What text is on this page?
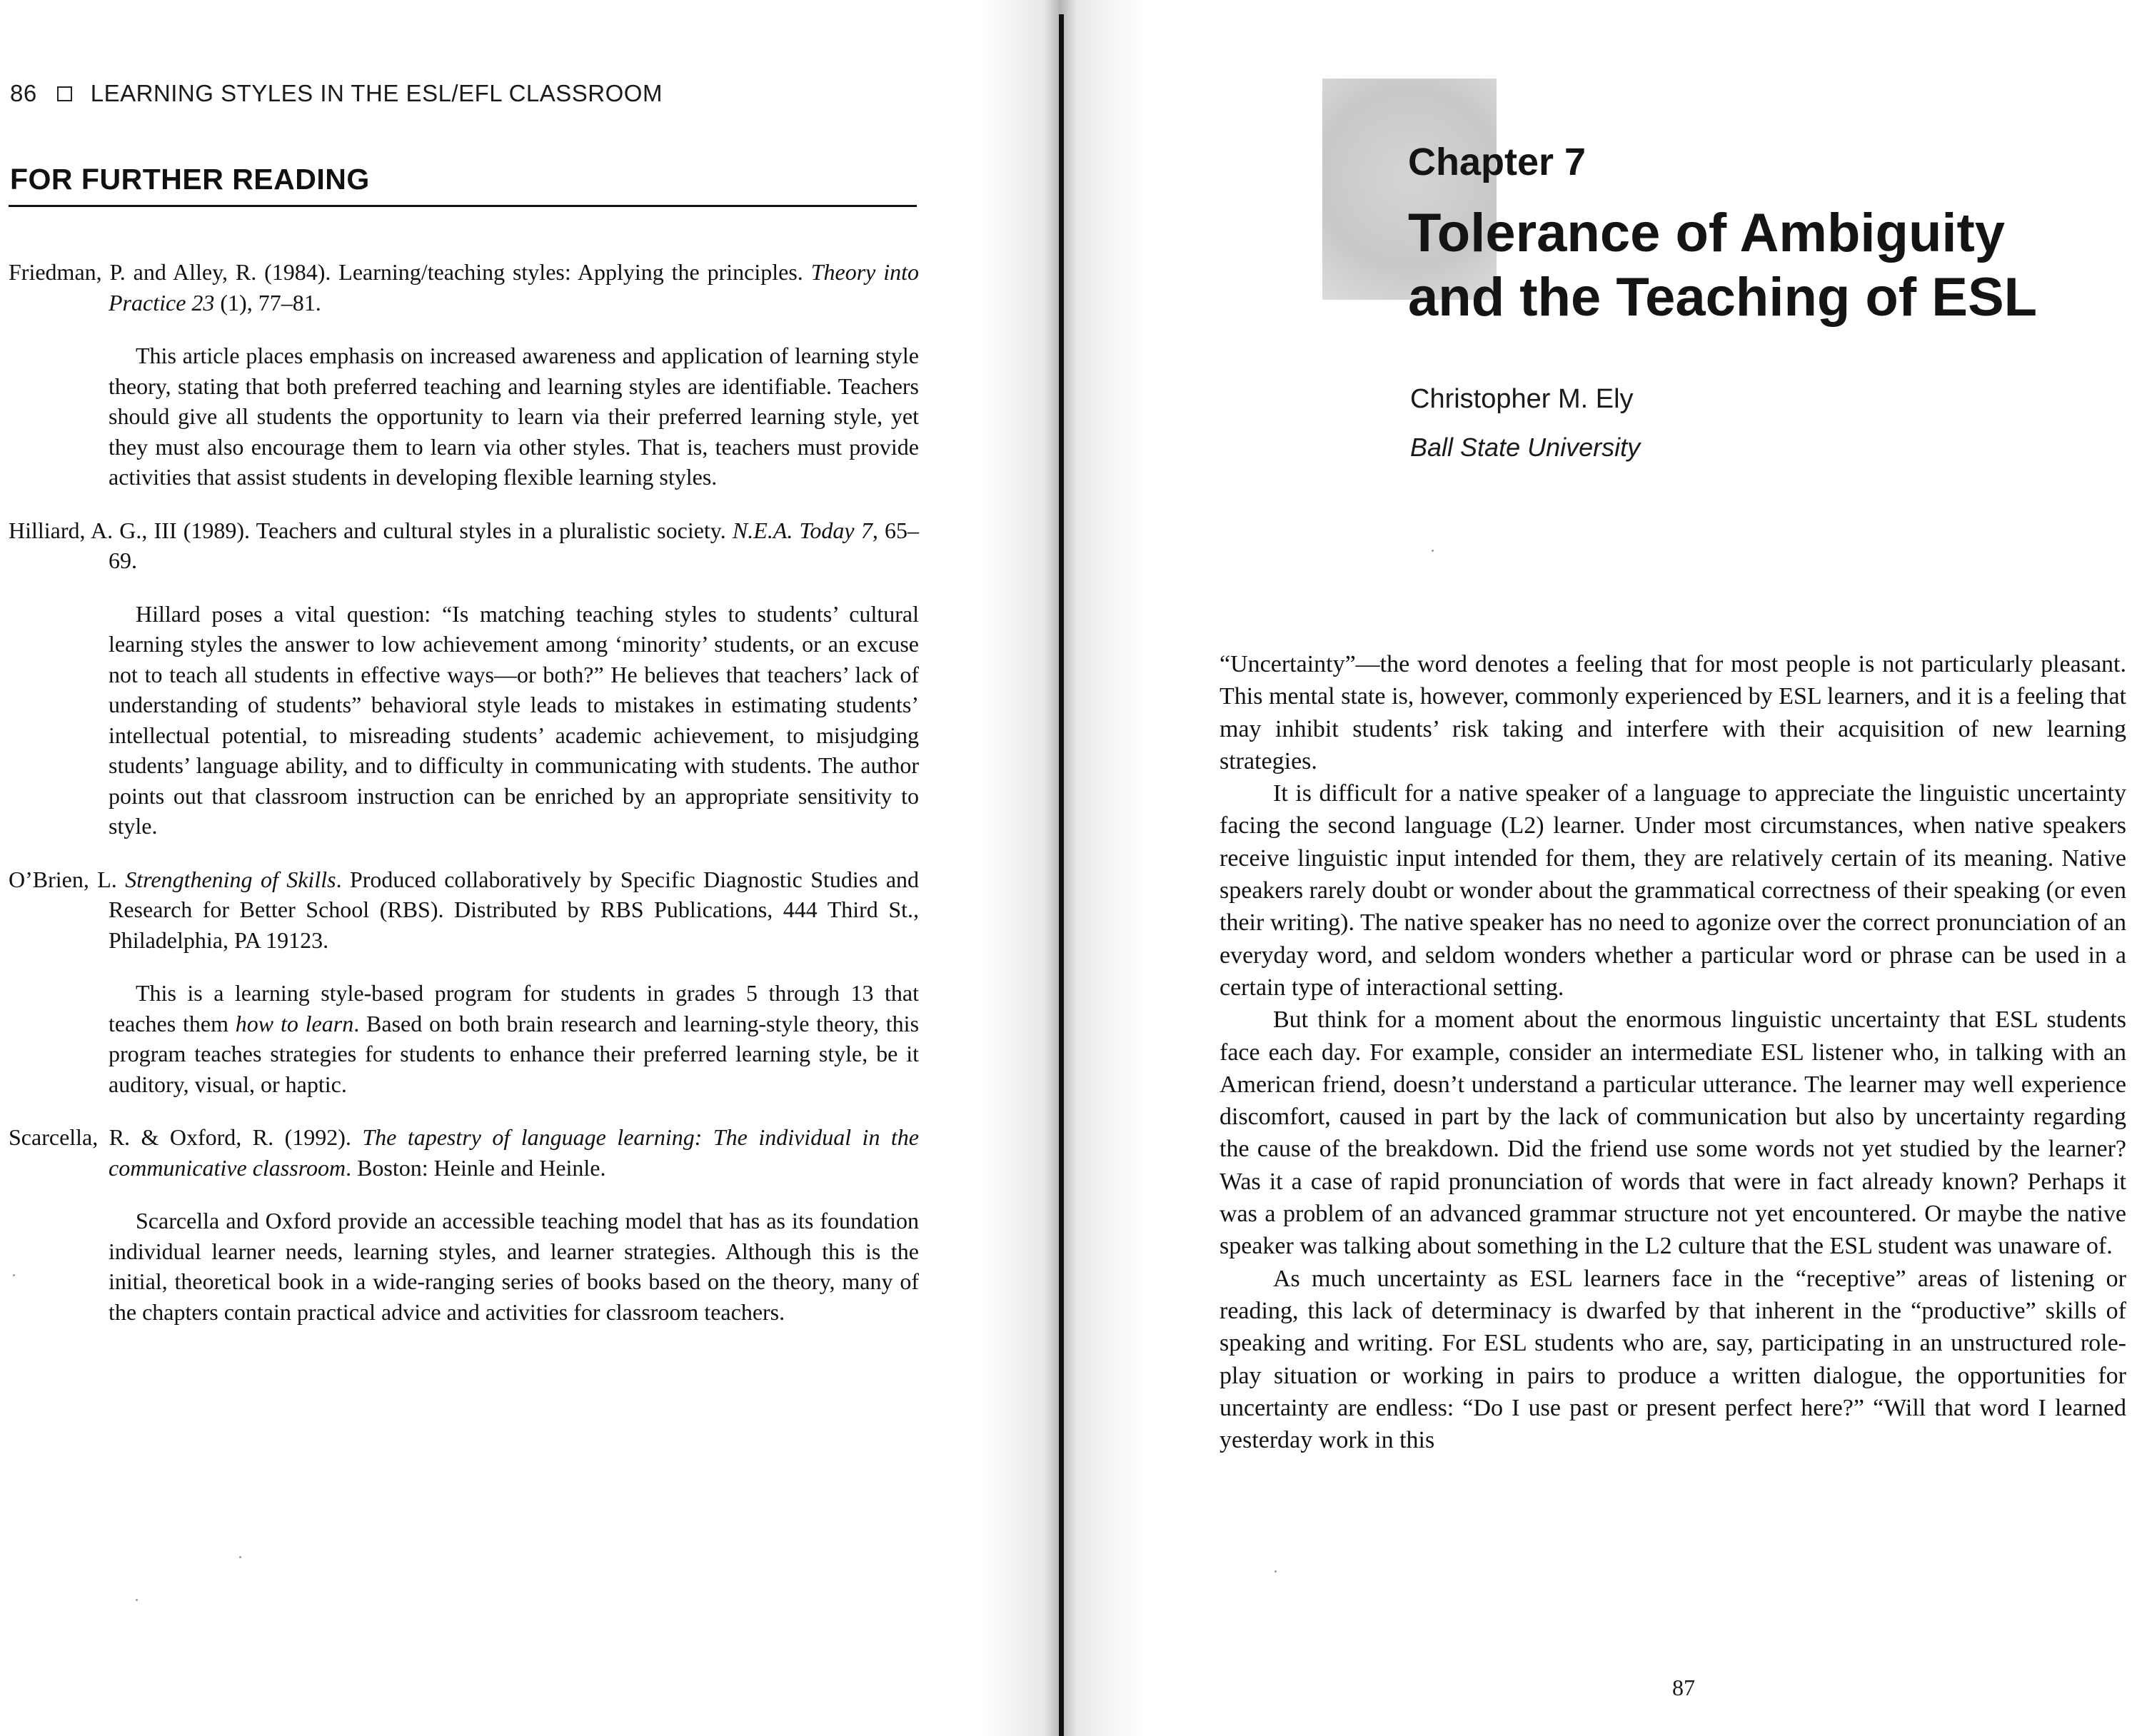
86 LEARNING STYLES IN THE ESL/EFL CLASSROOM
FOR FURTHER READING

Friedman, P. and Alley, R. (1984). Learning/teaching styles: Applying the principles. Theory into Practice 23 (1), 77–81.

This article places emphasis on increased awareness and application of learning style theory, stating that both preferred teaching and learning styles are identifiable. Teachers should give all students the opportunity to learn via their preferred learning style, yet they must also encourage them to learn via other styles. That is, teachers must provide activities that assist students in developing flexible learning styles.

Hilliard, A. G., III (1989). Teachers and cultural styles in a pluralistic society. N.E.A. Today 7, 65–69.

Hillard poses a vital question: “Is matching teaching styles to students’ cultural learning styles the answer to low achievement among ‘minority’ students, or an excuse not to teach all students in effective ways—or both?” He believes that teachers’ lack of understanding of students” behavioral style leads to mistakes in estimating students’ intellectual potential, to misreading students’ academic achievement, to misjudging students’ language ability, and to difficulty in communicating with students. The author points out that classroom instruction can be enriched by an appropriate sensitivity to style.

O’Brien, L. Strengthening of Skills. Produced collaboratively by Specific Diagnostic Studies and Research for Better School (RBS). Distributed by RBS Publications, 444 Third St., Philadelphia, PA 19123.

This is a learning style-based program for students in grades 5 through 13 that teaches them how to learn. Based on both brain research and learning-style theory, this program teaches strategies for students to enhance their preferred learning style, be it auditory, visual, or haptic.

Scarcella, R. & Oxford, R. (1992). The tapestry of language learning: The individual in the communicative classroom. Boston: Heinle and Heinle.

Scarcella and Oxford provide an accessible teaching model that has as its foundation individual learner needs, learning styles, and learner strategies. Although this is the initial, theoretical book in a wide-ranging series of books based on the theory, many of the chapters contain practical advice and activities for classroom teachers.

Chapter 7
Tolerance of Ambiguity and the Teaching of ESL
Christopher M. Ely
Ball State University

“Uncertainty”—the word denotes a feeling that for most people is not particularly pleasant. This mental state is, however, commonly experienced by ESL learners, and it is a feeling that may inhibit students’ risk taking and interfere with their acquisition of new learning strategies.

It is difficult for a native speaker of a language to appreciate the linguistic uncertainty facing the second language (L2) learner. Under most circumstances, when native speakers receive linguistic input intended for them, they are relatively certain of its meaning. Native speakers rarely doubt or wonder about the grammatical correctness of their speaking (or even their writing). The native speaker has no need to agonize over the correct pronunciation of an everyday word, and seldom wonders whether a particular word or phrase can be used in a certain type of interactional setting.

But think for a moment about the enormous linguistic uncertainty that ESL students face each day. For example, consider an intermediate ESL listener who, in talking with an American friend, doesn’t understand a particular utterance. The learner may well experience discomfort, caused in part by the lack of communication but also by uncertainty regarding the cause of the breakdown. Did the friend use some words not yet studied by the learner? Was it a case of rapid pronunciation of words that were in fact already known? Perhaps it was a problem of an advanced grammar structure not yet encountered. Or maybe the native speaker was talking about something in the L2 culture that the ESL student was unaware of.

As much uncertainty as ESL learners face in the “receptive” areas of listening or reading, this lack of determinacy is dwarfed by that inherent in the “productive” skills of speaking and writing. For ESL students who are, say, participating in an unstructured role-play situation or working in pairs to produce a written dialogue, the opportunities for uncertainty are endless: “Do I use past or present perfect here?” “Will that word I learned yesterday work in this

87
